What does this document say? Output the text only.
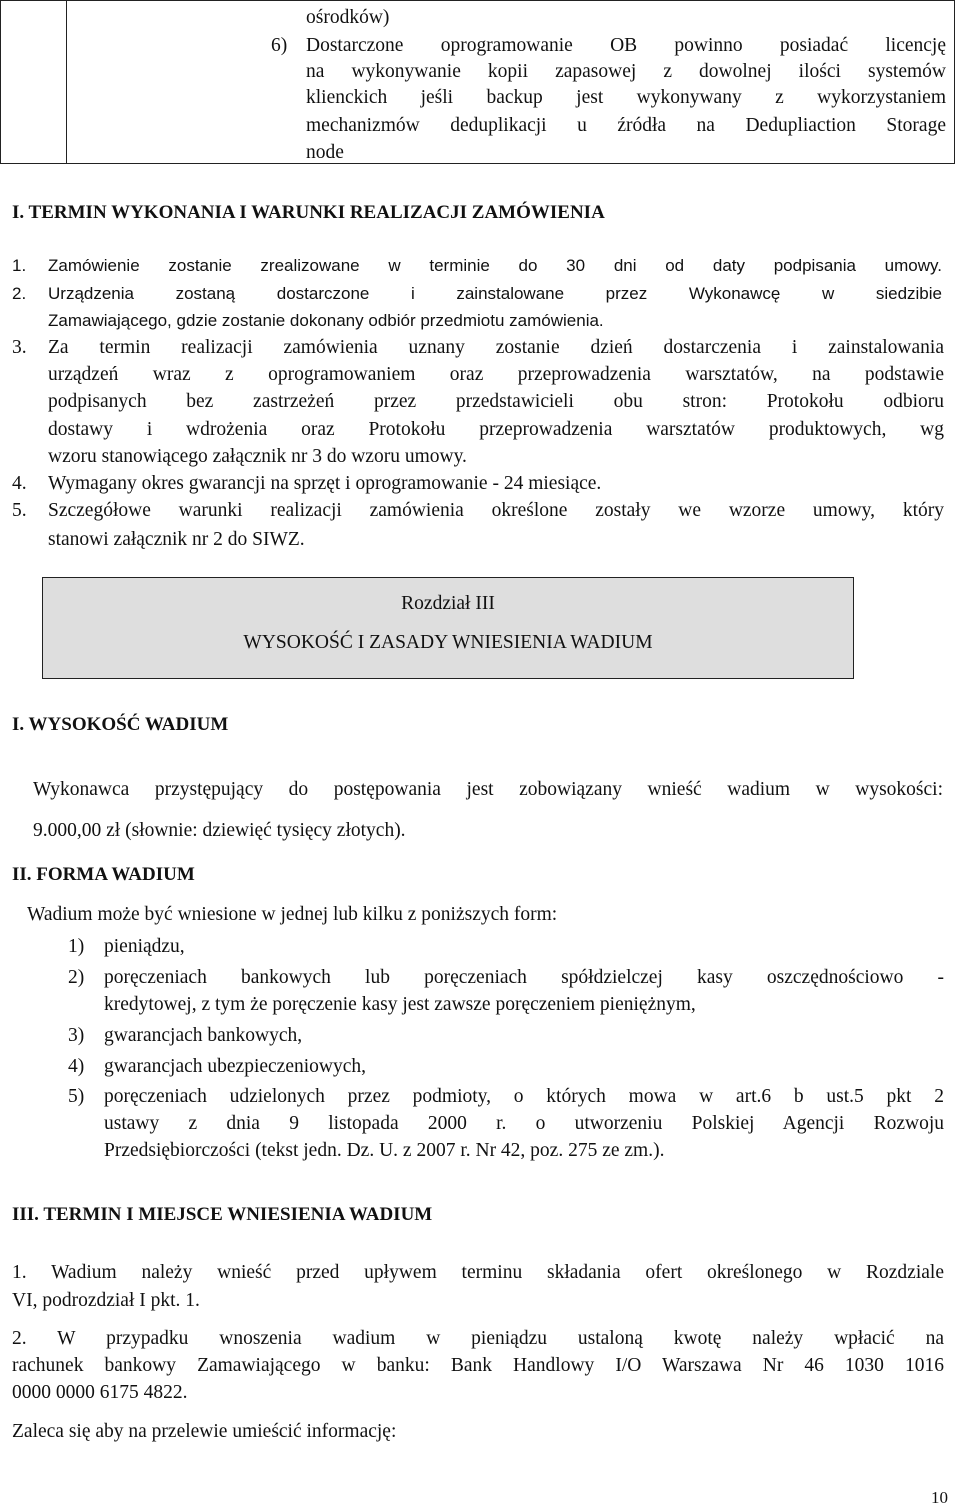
ośrodków)
6) Dostarczone oprogramowanie OB powinno posiadać licencję
na wykonywanie kopii zapasowej z dowolnej ilości systemów
klienckich jeśli backup jest wykonywany z wykorzystaniem
mechanizmów deduplikacji u źródła na Dedupliaction Storage
node
I. TERMIN WYKONANIA I WARUNKI REALIZACJI ZAMÓWIENIA
1. Zamówienie zostanie zrealizowane w terminie do 30 dni od daty podpisania umowy.
2. Urządzenia zostaną dostarczone i zainstalowane przez Wykonawcę w siedzibie
Zamawiającego, gdzie zostanie dokonany odbiór przedmiotu zamówienia.
3. Za termin realizacji zamówienia uznany zostanie dzień dostarczenia i zainstalowania
urządzeń wraz z oprogramowaniem oraz przeprowadzenia warsztatów, na podstawie
podpisanych bez zastrzeżeń przez przedstawicieli obu stron: Protokołu odbioru
dostawy i wdrożenia oraz Protokołu przeprowadzenia warsztatów produktowych, wg
wzoru stanowiącego załącznik nr 3 do wzoru umowy.
4. Wymagany okres gwarancji na sprzęt i oprogramowanie - 24 miesiące.
5. Szczegółowe warunki realizacji zamówienia określone zostały we wzorze umowy, który
stanowi załącznik nr 2 do SIWZ.
Rozdział III
WYSOKOŚĆ I ZASADY WNIESIENIA WADIUM
I. WYSOKOŚĆ WADIUM
Wykonawca przystępujący do postępowania jest zobowiązany wnieść wadium w wysokości:
9.000,00 zł (słownie: dziewięć tysięcy złotych).
II. FORMA WADIUM
Wadium może być wniesione w jednej lub kilku z poniższych form:
1) pieniądzu,
2) poręczeniach bankowych lub poręczeniach spółdzielczej kasy oszczędnościowo -
kredytowej, z tym że poręczenie kasy jest zawsze poręczeniem pieniężnym,
3) gwarancjach bankowych,
4) gwarancjach ubezpieczeniowych,
5) poręczeniach udzielonych przez podmioty, o których mowa w art.6 b ust.5 pkt 2
ustawy z dnia 9 listopada 2000 r. o utworzeniu Polskiej Agencji Rozwoju
Przedsiębiorczości (tekst jedn. Dz. U. z 2007 r. Nr 42, poz. 275 ze zm.).
III. TERMIN I MIEJSCE WNIESIENIA WADIUM
1. Wadium należy wnieść przed upływem terminu składania ofert określonego w Rozdziale
VI, podrozdział I pkt. 1.
2. W przypadku wnoszenia wadium w pieniądzu ustaloną kwotę należy wpłacić na
rachunek bankowy Zamawiającego w banku: Bank Handlowy I/O Warszawa Nr 46 1030 1016
0000 0000 6175 4822.
Zaleca się aby na przelewie umieścić informację:
10
